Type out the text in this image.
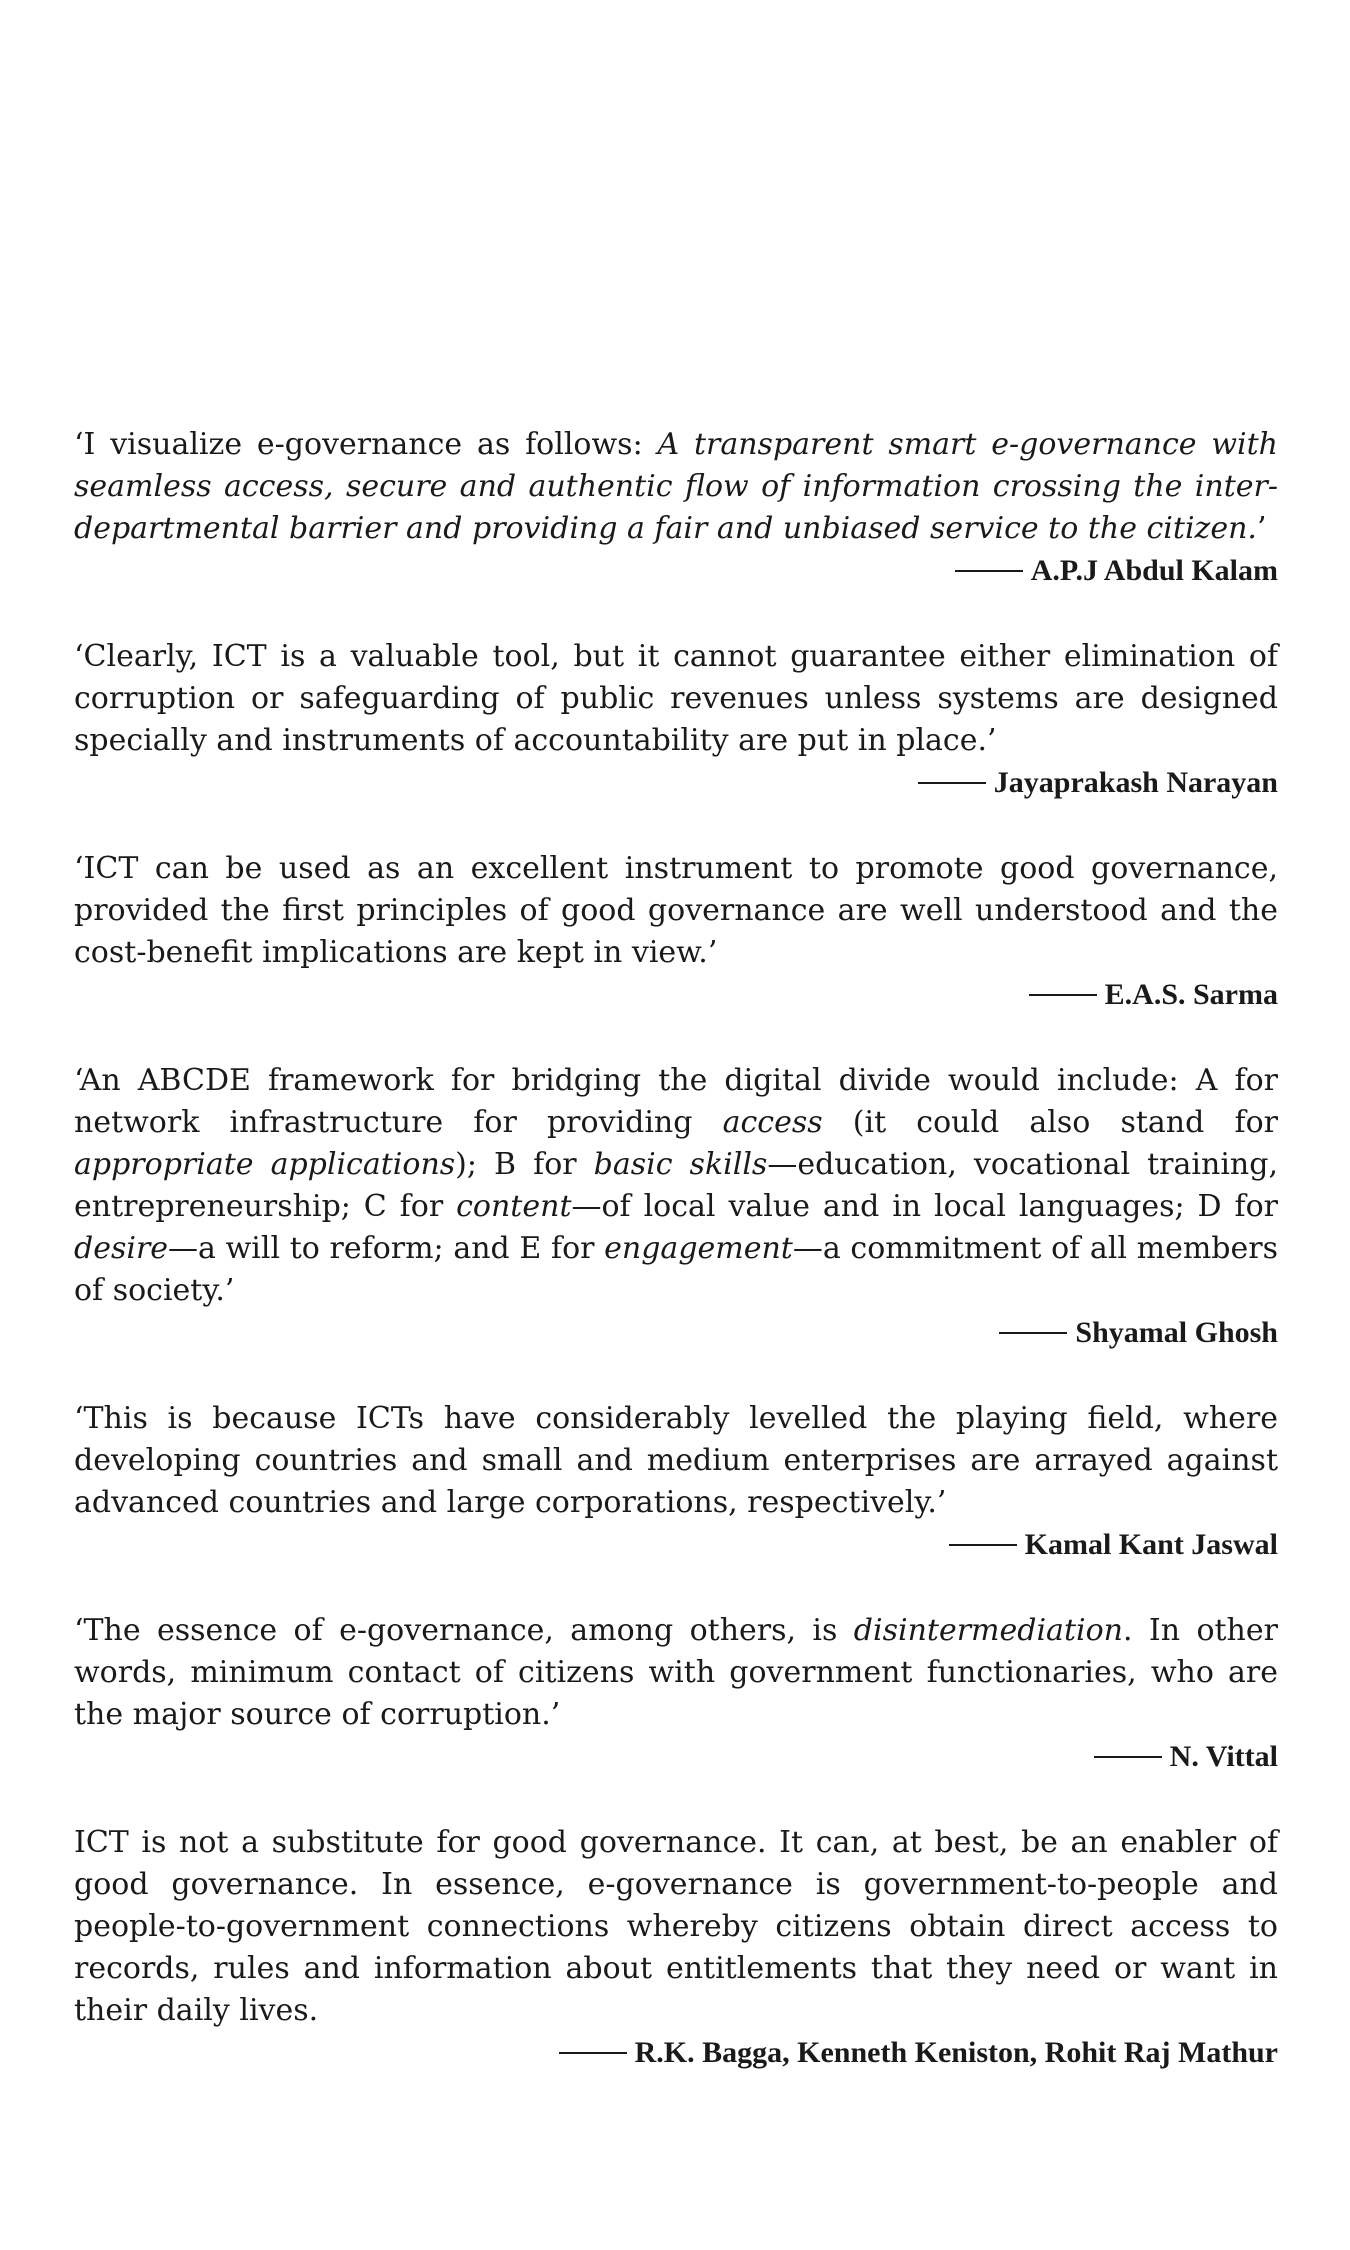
‘I visualize e-governance as follows: A transparent smart e-governance with seamless access, secure and authentic flow of information crossing the inter-departmental barrier and providing a fair and unbiased service to the citizen.’

A.P.J Abdul Kalam

‘Clearly, ICT is a valuable tool, but it cannot guarantee either elimination of corruption or safeguarding of public revenues unless systems are designed specially and instruments of accountability are put in place.’

Jayaprakash Narayan

‘ICT can be used as an excellent instrument to promote good governance, provided the first principles of good governance are well understood and the cost-benefit implications are kept in view.’

E.A.S. Sarma

‘An ABCDE framework for bridging the digital divide would include: A for network infrastructure for providing access (it could also stand for appropriate applications); B for basic skills—education, vocational training, entrepreneurship; C for content—of local value and in local languages; D for desire—a will to reform; and E for engagement—a commitment of all members of society.’

Shyamal Ghosh

‘This is because ICTs have considerably levelled the playing field, where developing countries and small and medium enterprises are arrayed against advanced countries and large corporations, respectively.’

Kamal Kant Jaswal

‘The essence of e-governance, among others, is disintermediation. In other words, minimum contact of citizens with government functionaries, who are the major source of corruption.’

N. Vittal

ICT is not a substitute for good governance. It can, at best, be an enabler of good governance. In essence, e-governance is government-to-people and people-to-government connections whereby citizens obtain direct access to records, rules and information about entitlements that they need or want in their daily lives.

R.K. Bagga, Kenneth Keniston, Rohit Raj Mathur
